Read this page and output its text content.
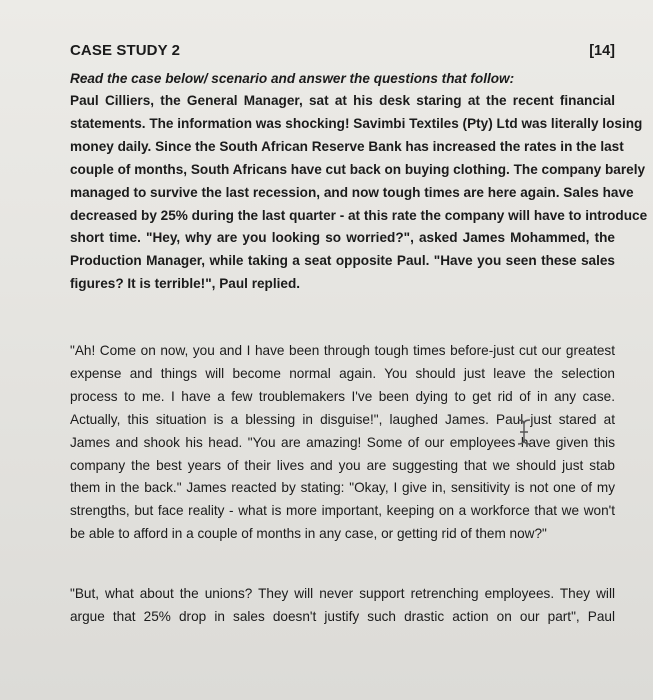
CASE STUDY 2	[14]
Read the case below/ scenario and answer the questions that follow:
Paul Cilliers, the General Manager, sat at his desk staring at the recent financial
statements. The information was shocking! Savimbi Textiles (Pty) Ltd was literally losing
money daily. Since the South African Reserve Bank has increased the rates in the last
couple of months, South Africans have cut back on buying clothing. The company barely
managed to survive the last recession, and now tough times are here again. Sales have
decreased by 25% during the last quarter - at this rate the company will have to introduce
short time. "Hey, why are you looking so worried?", asked James Mohammed, the
Production Manager, while taking a seat opposite Paul. "Have you seen these sales
figures? It is terrible!", Paul replied.
"Ah! Come on now, you and I have been through tough times before-just cut our greatest
expense and things will become normal again. You should just leave the selection
process to me. I have a few troublemakers I've been dying to get rid of in any case.
Actually, this situation is a blessing in disguise!", laughed James. Paul just stared at
James and shook his head. "You are amazing! Some of our employees have given this
company the best years of their lives and you are suggesting that we should just stab
them in the back." James reacted by stating: "Okay, I give in, sensitivity is not one of my
strengths, but face reality - what is more important, keeping on a workforce that we won't
be able to afford in a couple of months in any case, or getting rid of them now?"
"But, what about the unions? They will never support retrenching employees. They will
argue that 25% drop in sales doesn't justify such drastic action on our part", Paul
